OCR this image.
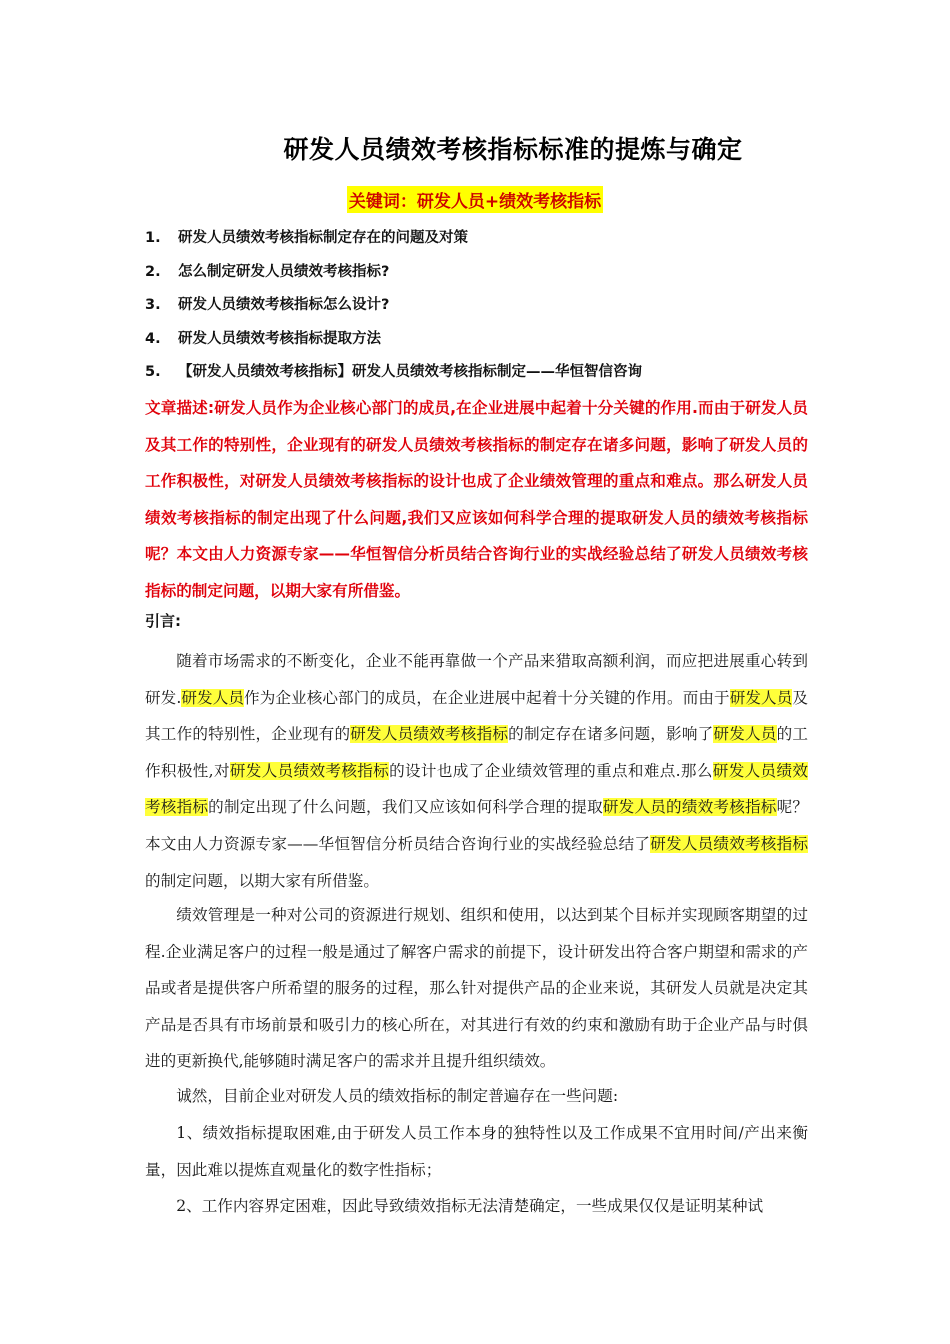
研发人员绩效考核指标标准的提炼与确定
关键词：研发人员+绩效考核指标
1. 研发人员绩效考核指标制定存在的问题及对策
2. 怎么制定研发人员绩效考核指标?
3. 研发人员绩效考核指标怎么设计?
4. 研发人员绩效考核指标提取方法
5. 【研发人员绩效考核指标】研发人员绩效考核指标制定——华恒智信咨询
文章描述:研发人员作为企业核心部门的成员,在企业进展中起着十分关键的作用.而由于研发人员及其工作的特别性，企业现有的研发人员绩效考核指标的制定存在诸多问题，影响了研发人员的工作积极性，对研发人员绩效考核指标的设计也成了企业绩效管理的重点和难点。那么研发人员绩效考核指标的制定出现了什么问题,我们又应该如何科学合理的提取研发人员的绩效考核指标呢？本文由人力资源专家——华恒智信分析员结合咨询行业的实战经验总结了研发人员绩效考核指标的制定问题，以期大家有所借鉴。
引言:

随着市场需求的不断变化，企业不能再靠做一个产品来猎取高额利润，而应把进展重心转到研发.研发人员作为企业核心部门的成员，在企业进展中起着十分关键的作用。而由于研发人员及其工作的特别性，企业现有的研发人员绩效考核指标的制定存在诸多问题，影响了研发人员的工作积极性,对研发人员绩效考核指标的设计也成了企业绩效管理的重点和难点.那么研发人员绩效考核指标的制定出现了什么问题，我们又应该如何科学合理的提取研发人员的绩效考核指标呢？本文由人力资源专家——华恒智信分析员结合咨询行业的实战经验总结了研发人员绩效考核指标的制定问题，以期大家有所借鉴。

绩效管理是一种对公司的资源进行规划、组织和使用，以达到某个目标并实现顾客期望的过程.企业满足客户的过程一般是通过了解客户需求的前提下，设计研发出符合客户期望和需求的产品或者是提供客户所希望的服务的过程，那么针对提供产品的企业来说，其研发人员就是决定其产品是否具有市场前景和吸引力的核心所在，对其进行有效的约束和激励有助于企业产品与时俱进的更新换代,能够随时满足客户的需求并且提升组织绩效。

诚然，目前企业对研发人员的绩效指标的制定普遍存在一些问题:

1、绩效指标提取困难,由于研发人员工作本身的独特性以及工作成果不宜用时间/产出来衡量，因此难以提炼直观量化的数字性指标；

2、工作内容界定困难，因此导致绩效指标无法清楚确定，一些成果仅仅是证明某种试
